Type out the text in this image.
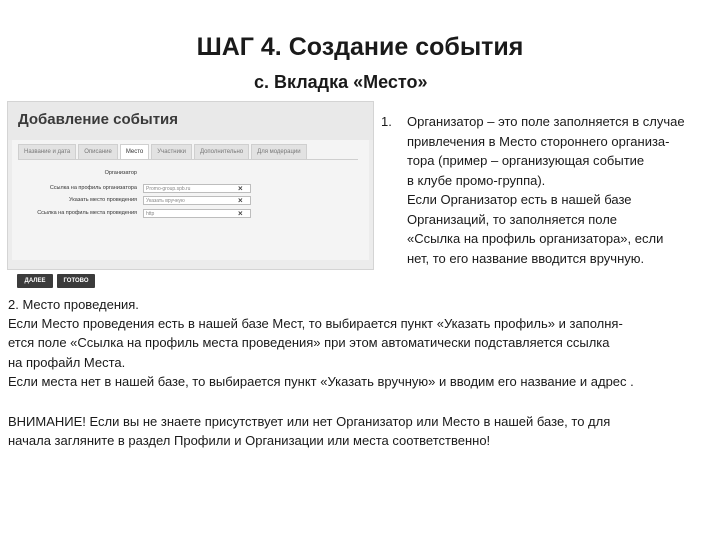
ШАГ 4. Создание события
с. Вкладка «Место»
Добавление события
Название и дата	Описание	Место	Участники	Дополнительно	Для модерации
Организатор
Ссылка на профиль организатора	Promo-group.spb.ru	×
Указать место проведения	Указать вручную	×
Ссылка на профиль места проведения	http	×
ДАЛЕЕ	ГОТОВО
1. Организатор – это поле заполняется в случае
привлечения в Место стороннего организа-
тора (пример – организующая событие
в клубе промо-группа).
Если Организатор есть в нашей базе
Организаций, то заполняется поле
«Ссылка на профиль организатора», если
нет, то его название вводится вручную.
2. Место проведения.
Если Место проведения есть в нашей базе Мест, то выбирается пункт «Указать профиль» и заполня-
ется поле «Ссылка на профиль места проведения» при этом автоматически подставляется ссылка
на профайл Места.
Если места нет в нашей базе, то выбирается пункт «Указать вручную» и вводим его название и адрес .
ВНИМАНИЕ! Если вы не знаете присутствует или нет Организатор или Место в нашей базе, то для
начала загляните в раздел Профили и Организации или места соответственно!
